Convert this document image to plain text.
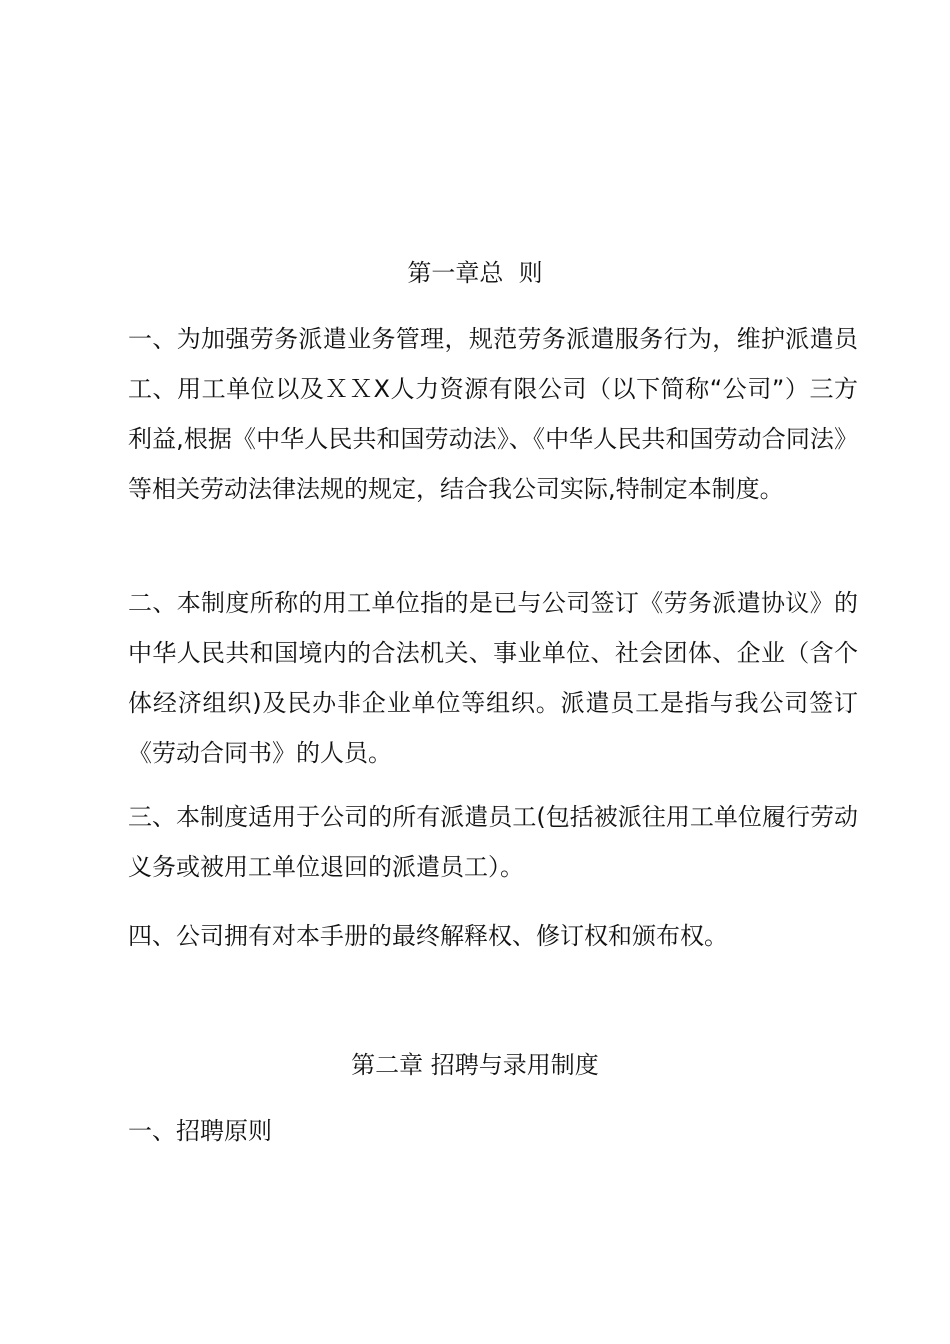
第一章总  则

一、为加强劳务派遣业务管理，规范劳务派遣服务行为，维护派遣员工、用工单位以及ＸＸX人力资源有限公司（以下简称“公司”）三方利益,根据《中华人民共和国劳动法》、《中华人民共和国劳动合同法》等相关劳动法律法规的规定，结合我公司实际,特制定本制度。

二、本制度所称的用工单位指的是已与公司签订《劳务派遣协议》的中华人民共和国境内的合法机关、事业单位、社会团体、企业（含个体经济组织)及民办非企业单位等组织。派遣员工是指与我公司签订《劳动合同书》的人员。

三、本制度适用于公司的所有派遣员工(包括被派往用工单位履行劳动义务或被用工单位退回的派遣员工）。

四、公司拥有对本手册的最终解释权、修订权和颁布权。

第二章 招聘与录用制度

一、招聘原则
